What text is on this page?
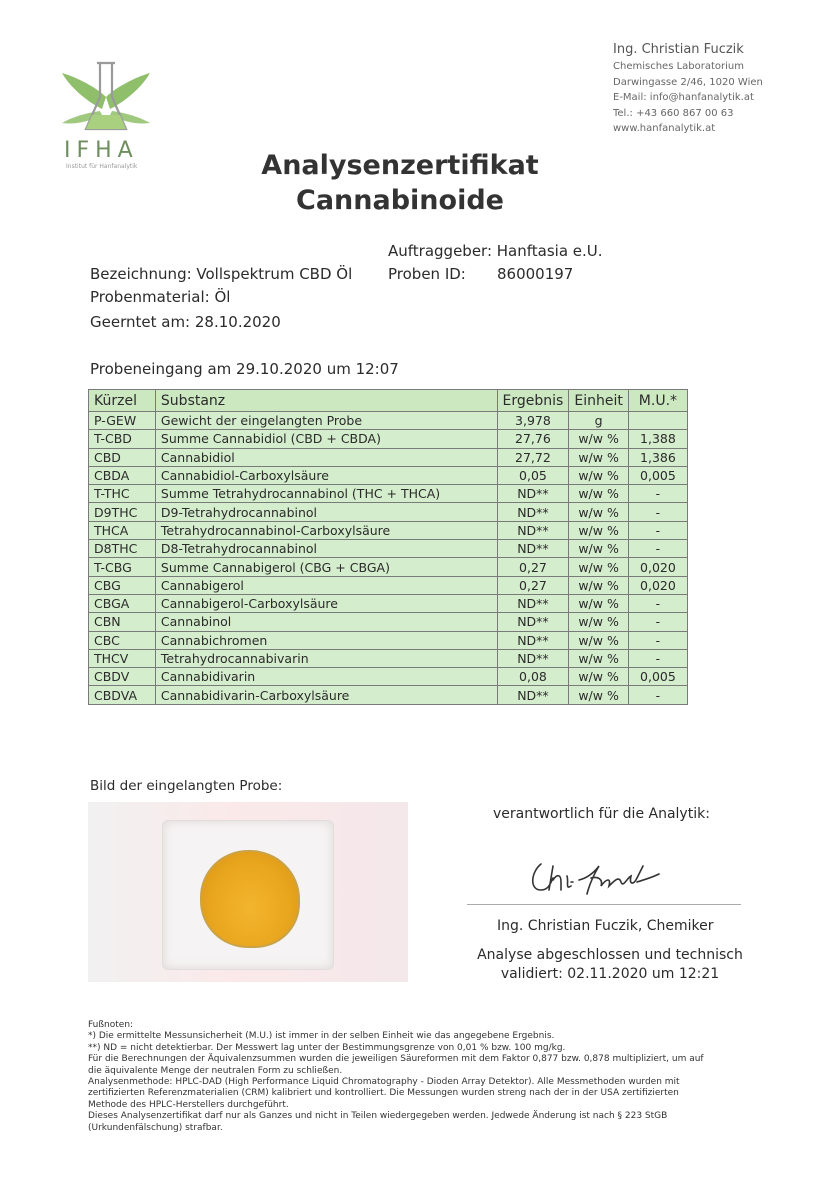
IFHA
Institut für Hanfanalytik
Ing. Christian Fuczik
Chemisches Laboratorium
Darwingasse 2/46, 1020 Wien
E-Mail: info@hanfanalytik.at
Tel.: +43 660 867 00 63
www.hanfanalytik.at
Analysenzertifikat
Cannabinoide
Auftraggeber: Hanftasia e.U.
Bezeichnung: Vollspektrum CBD Öl Proben ID: 86000197
Probenmaterial: Öl
Geerntet am: 28.10.2020
Probeneingang am 29.10.2020 um 12:07
Kürzel	Substanz	Ergebnis	Einheit	M.U.*
P-GEW	Gewicht der eingelangten Probe	3,978	g	
T-CBD	Summe Cannabidiol (CBD + CBDA)	27,76	w/w %	1,388
CBD	Cannabidiol	27,72	w/w %	1,386
CBDA	Cannabidiol-Carboxylsäure	0,05	w/w %	0,005
T-THC	Summe Tetrahydrocannabinol (THC + THCA)	ND**	w/w %	-
D9THC	D9-Tetrahydrocannabinol	ND**	w/w %	-
THCA	Tetrahydrocannabinol-Carboxylsäure	ND**	w/w %	-
D8THC	D8-Tetrahydrocannabinol	ND**	w/w %	-
T-CBG	Summe Cannabigerol (CBG + CBGA)	0,27	w/w %	0,020
CBG	Cannabigerol	0,27	w/w %	0,020
CBGA	Cannabigerol-Carboxylsäure	ND**	w/w %	-
CBN	Cannabinol	ND**	w/w %	-
CBC	Cannabichromen	ND**	w/w %	-
THCV	Tetrahydrocannabivarin	ND**	w/w %	-
CBDV	Cannabidivarin	0,08	w/w %	0,005
CBDVA	Cannabidivarin-Carboxylsäure	ND**	w/w %	-
Bild der eingelangten Probe:
verantwortlich für die Analytik:
Ing. Christian Fuczik, Chemiker
Analyse abgeschlossen und technisch
validiert: 02.11.2020 um 12:21
Fußnoten:
*) Die ermittelte Messunsicherheit (M.U.) ist immer in der selben Einheit wie das angegebene Ergebnis.
**) ND = nicht detektierbar. Der Messwert lag unter der Bestimmungsgrenze von 0,01 % bzw. 100 mg/kg.
Für die Berechnungen der Äquivalenzsummen wurden die jeweiligen Säureformen mit dem Faktor 0,877 bzw. 0,878 multipliziert, um auf
die äquivalente Menge der neutralen Form zu schließen.
Analysenmethode: HPLC-DAD (High Performance Liquid Chromatography - Dioden Array Detektor). Alle Messmethoden wurden mit
zertifizierten Referenzmaterialien (CRM) kalibriert und kontrolliert. Die Messungen wurden streng nach der in der USA zertifizierten
Methode des HPLC-Herstellers durchgeführt.
Dieses Analysenzertifikat darf nur als Ganzes und nicht in Teilen wiedergegeben werden. Jedwede Änderung ist nach § 223 StGB
(Urkundenfälschung) strafbar.
